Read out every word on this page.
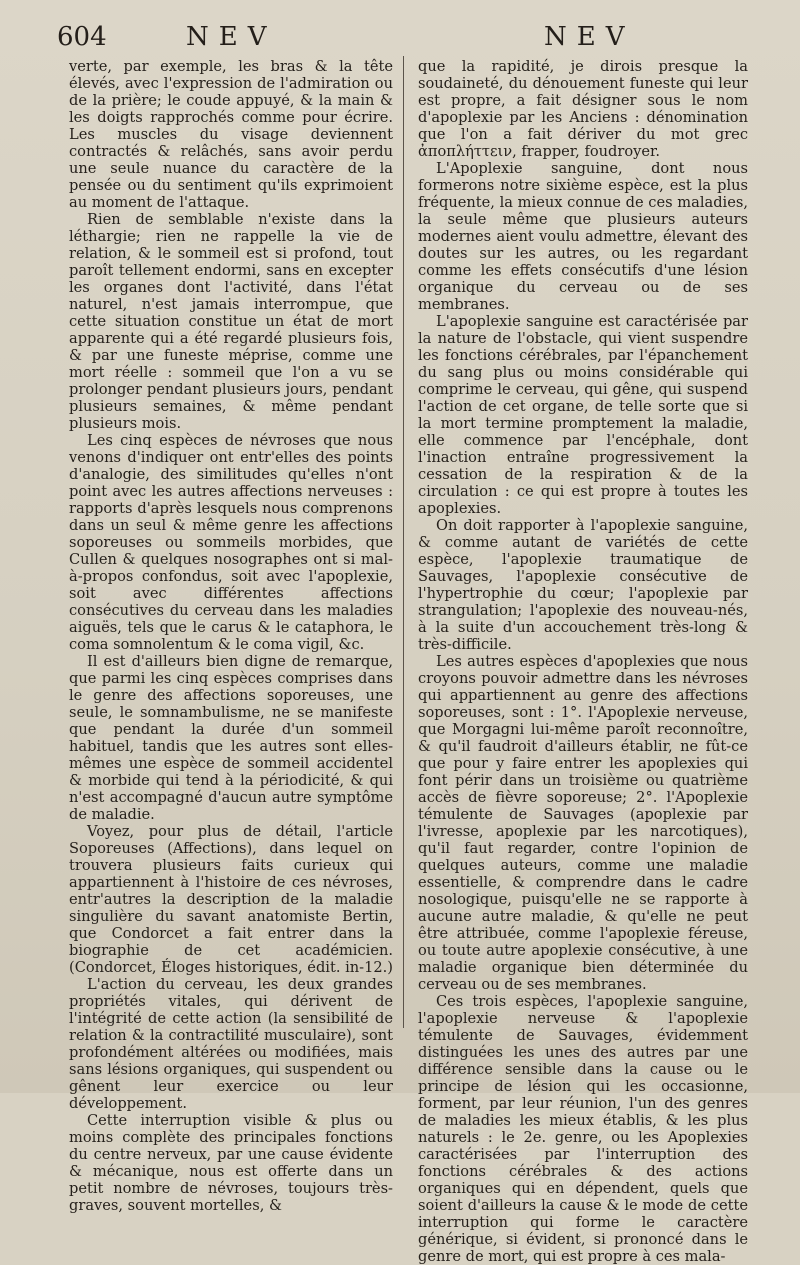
604	NEV	NEV

verte, par exemple, les bras & la tête élevés, avec l'expression de l'admiration ou de la prière; le coude appuyé, & la main & les doigts rapprochés comme pour écrire. Les muscles du visage deviennent contractés & relâchés, sans avoir perdu une seule nuance du caractère de la pensée ou du sentiment qu'ils exprimoient au moment de l'attaque.

Rien de semblable n'existe dans la léthargie; rien ne rappelle la vie de relation, & le sommeil est si profond, tout paroît tellement endormi, sans en excepter les organes dont l'activité, dans l'état naturel, n'est jamais interrompue, que cette situation constitue un état de mort apparente qui a été regardé plusieurs fois, & par une funeste méprise, comme une mort réelle : sommeil que l'on a vu se prolonger pendant plusieurs jours, pendant plusieurs semaines, & même pendant plusieurs mois.

Les cinq espèces de névroses que nous venons d'indiquer ont entr'elles des points d'analogie, des similitudes qu'elles n'ont point avec les autres affections nerveuses : rapports d'après lesquels nous comprenons dans un seul & même genre les affections soporeuses ou sommeils morbides, que Cullen & quelques nosographes ont si mal-à-propos confondus, soit avec l'apoplexie, soit avec différentes affections consécutives du cerveau dans les maladies aiguës, tels que le carus & le cataphora, le coma somnolentum & le coma vigil, &c.

Il est d'ailleurs bien digne de remarque, que parmi les cinq espèces comprises dans le genre des affections soporeuses, une seule, le somnambulisme, ne se manifeste que pendant la durée d'un sommeil habituel, tandis que les autres sont elles-mêmes une espèce de sommeil accidentel & morbide qui tend à la périodicité, & qui n'est accompagné d'aucun autre symptôme de maladie.

Voyez, pour plus de détail, l'article Soporeuses (Affections), dans lequel on trouvera plusieurs faits curieux qui appartiennent à l'histoire de ces névroses, entr'autres la description de la maladie singulière du savant anatomiste Bertin, que Condorcet a fait entrer dans la biographie de cet académicien. (Condorcet, Éloges historiques, édit. in-12.)

L'action du cerveau, les deux grandes propriétés vitales, qui dérivent de l'intégrité de cette action (la sensibilité de relation & la contractilité musculaire), sont profondément altérées ou modifiées, mais sans lésions organiques, qui suspendent ou gênent leur exercice ou leur développement.

Cette interruption visible & plus ou moins complète des principales fonctions du centre nerveux, par une cause évidente & mécanique, nous est offerte dans un petit nombre de névroses, toujours très-graves, souvent mortelles, &

que la rapidité, je dirois presque la soudaineté, du dénouement funeste qui leur est propre, a fait désigner sous le nom d'apoplexie par les Anciens : dénomination que l'on a fait dériver du mot grec ἀποπλήττειν, frapper, foudroyer.

L'Apoplexie sanguine, dont nous formerons notre sixième espèce, est la plus fréquente, la mieux connue de ces maladies, la seule même que plusieurs auteurs modernes aient voulu admettre, élevant des doutes sur les autres, ou les regardant comme les effets consécutifs d'une lésion organique du cerveau ou de ses membranes.

L'apoplexie sanguine est caractérisée par la nature de l'obstacle, qui vient suspendre les fonctions cérébrales, par l'épanchement du sang plus ou moins considérable qui comprime le cerveau, qui gêne, qui suspend l'action de cet organe, de telle sorte que si la mort termine promptement la maladie, elle commence par l'encéphale, dont l'inaction entraîne progressivement la cessation de la respiration & de la circulation : ce qui est propre à toutes les apoplexies.

On doit rapporter à l'apoplexie sanguine, & comme autant de variétés de cette espèce, l'apoplexie traumatique de Sauvages, l'apoplexie consécutive de l'hypertrophie du cœur; l'apoplexie par strangulation; l'apoplexie des nouveau-nés, à la suite d'un accouchement très-long & très-difficile.

Les autres espèces d'apoplexies que nous croyons pouvoir admettre dans les névroses qui appartiennent au genre des affections soporeuses, sont : 1°. l'Apoplexie nerveuse, que Morgagni lui-même paroît reconnoître, & qu'il faudroit d'ailleurs établir, ne fût-ce que pour y faire entrer les apoplexies qui font périr dans un troisième ou quatrième accès de fièvre soporeuse; 2°. l'Apoplexie témulente de Sauvages (apoplexie par l'ivresse, apoplexie par les narcotiques), qu'il faut regarder, contre l'opinion de quelques auteurs, comme une maladie essentielle, & comprendre dans le cadre nosologique, puisqu'elle ne se rapporte à aucune autre maladie, & qu'elle ne peut être attribuée, comme l'apoplexie féreuse, ou toute autre apoplexie consécutive, à une maladie organique bien déterminée du cerveau ou de ses membranes.

Ces trois espèces, l'apoplexie sanguine, l'apoplexie nerveuse & l'apoplexie témulente de Sauvages, évidemment distinguées les unes des autres par une différence sensible dans la cause ou le principe de lésion qui les occasionne, forment, par leur réunion, l'un des genres de maladies les mieux établis, & les plus naturels : le 2e. genre, ou les Apoplexies caractérisées par l'interruption des fonctions cérébrales & des actions organiques qui en dépendent, quels que soient d'ailleurs la cause & le mode de cette interruption qui forme le caractère générique, si évident, si prononcé dans le genre de mort, qui est propre à ces mala-
